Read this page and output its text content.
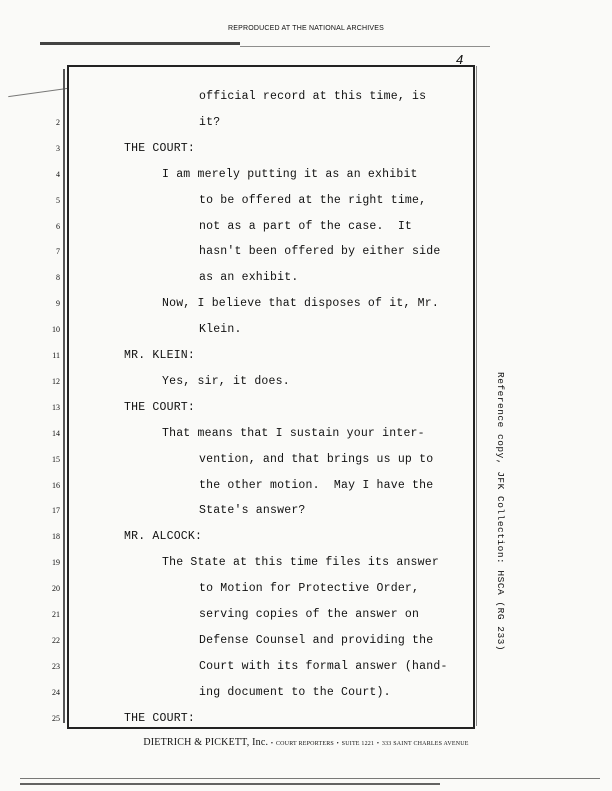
REPRODUCED AT THE NATIONAL ARCHIVES
4
official record at this time, is
2	it?
3	THE COURT:
4	I am merely putting it as an exhibit
5	to be offered at the right time,
6	not as a part of the case.  It
7	hasn't been offered by either side
8	as an exhibit.
9	Now, I believe that disposes of it, Mr.
10	Klein.
11	MR. KLEIN:
12	Yes, sir, it does.
13	THE COURT:
14	That means that I sustain your inter-
15	vention, and that brings us up to
16	the other motion.  May I have the
17	State's answer?
18	MR. ALCOCK:
19	The State at this time files its answer
20	to Motion for Protective Order,
21	serving copies of the answer on
22	Defense Counsel and providing the
23	Court with its formal answer (hand-
24	ing document to the Court).
25	THE COURT:
Reference copy, JFK Collection: HSCA (RG 233)
DIETRICH & PICKETT, Inc. • COURT REPORTERS • SUITE 1221 • 333 SAINT CHARLES AVENUE
